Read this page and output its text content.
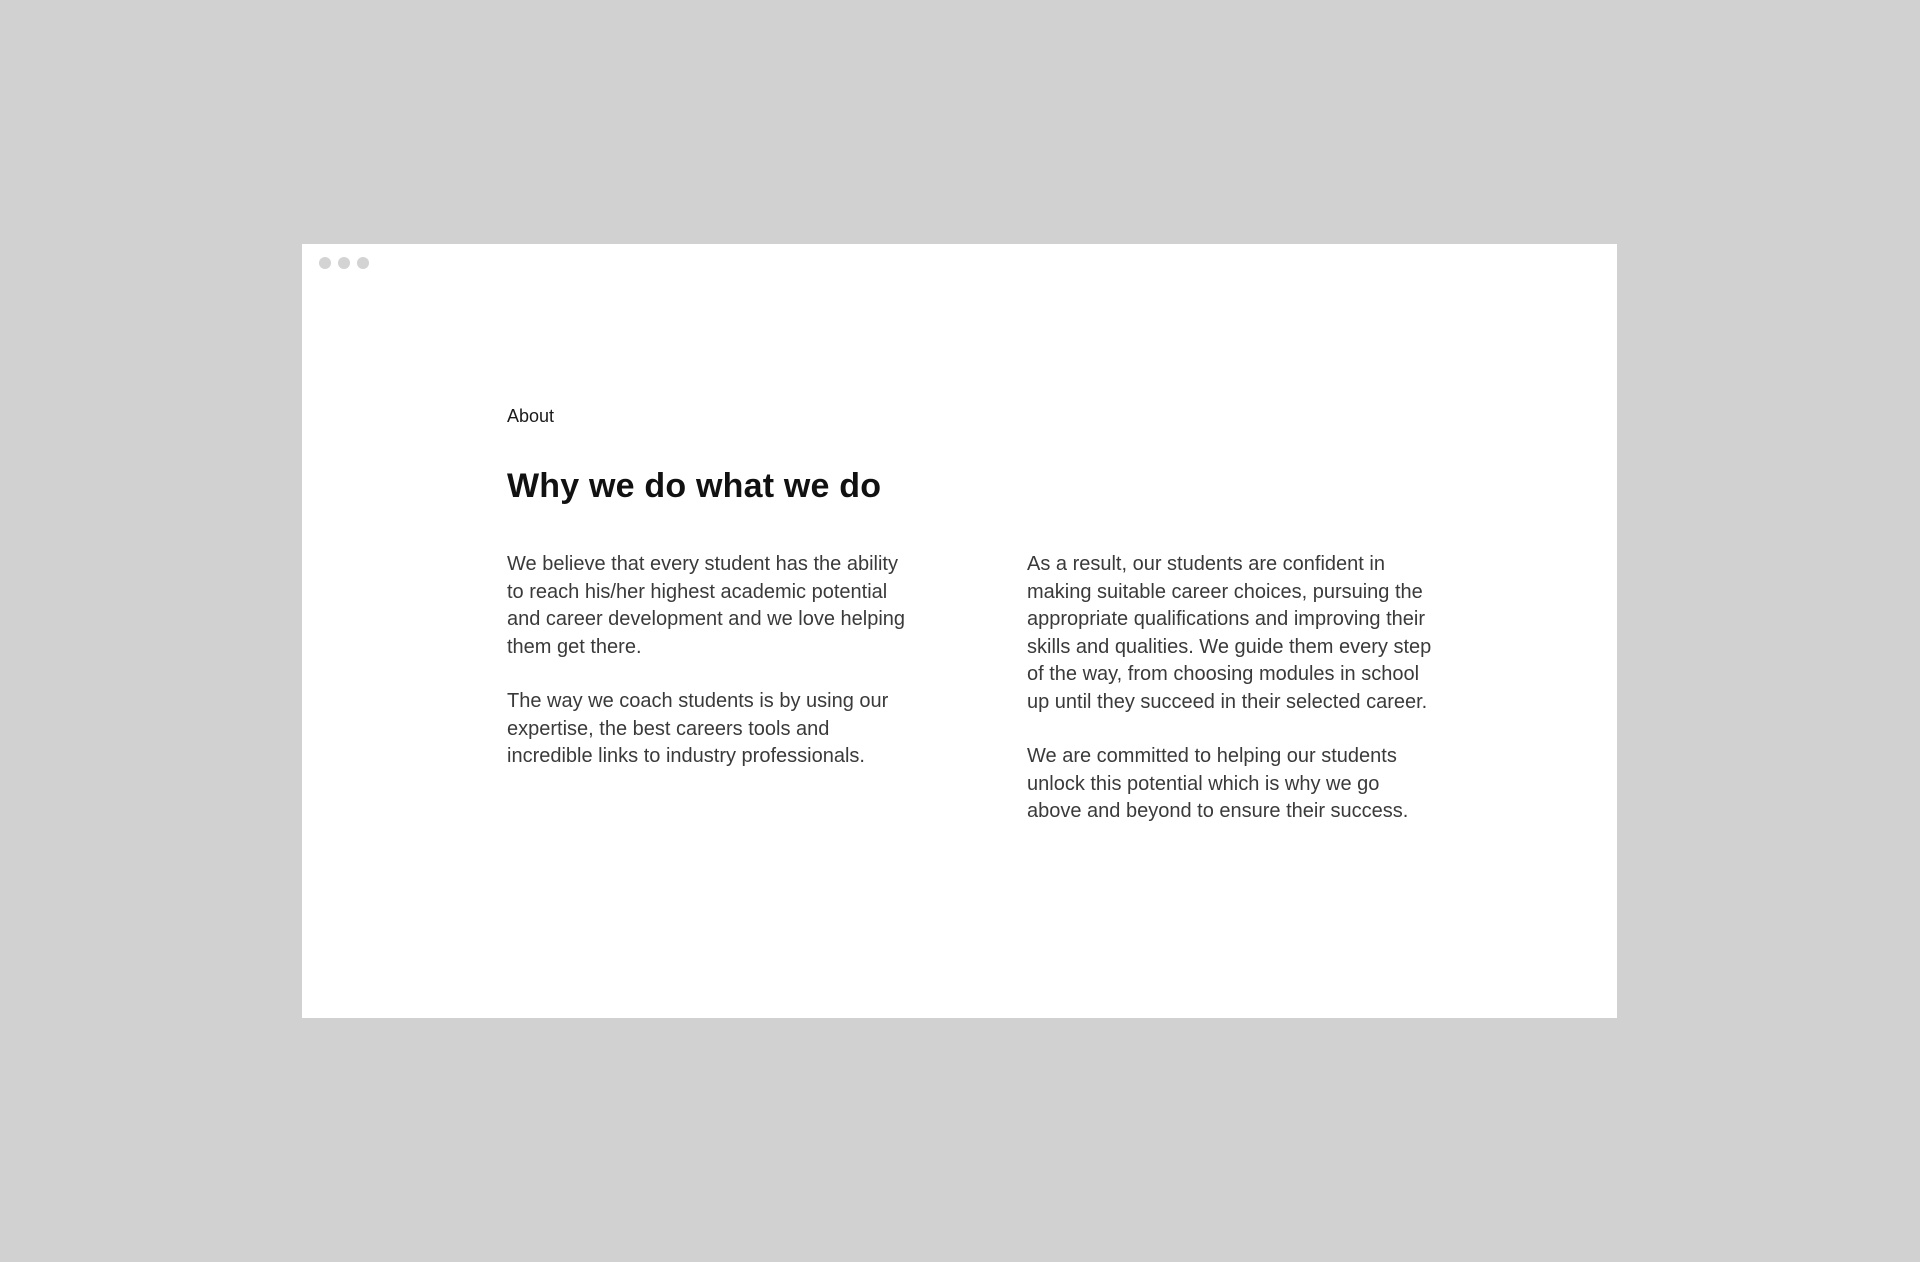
About

Why we do what we do

We believe that every student has the ability to reach his/her highest academic potential and career development and we love helping them get there.

The way we coach students is by using our expertise, the best careers tools and incredible links to industry professionals.

As a result, our students are confident in making suitable career choices, pursuing the appropriate qualifications and improving their skills and qualities. We guide them every step of the way, from choosing modules in school up until they succeed in their selected career.

We are committed to helping our students unlock this potential which is why we go above and beyond to ensure their success.
